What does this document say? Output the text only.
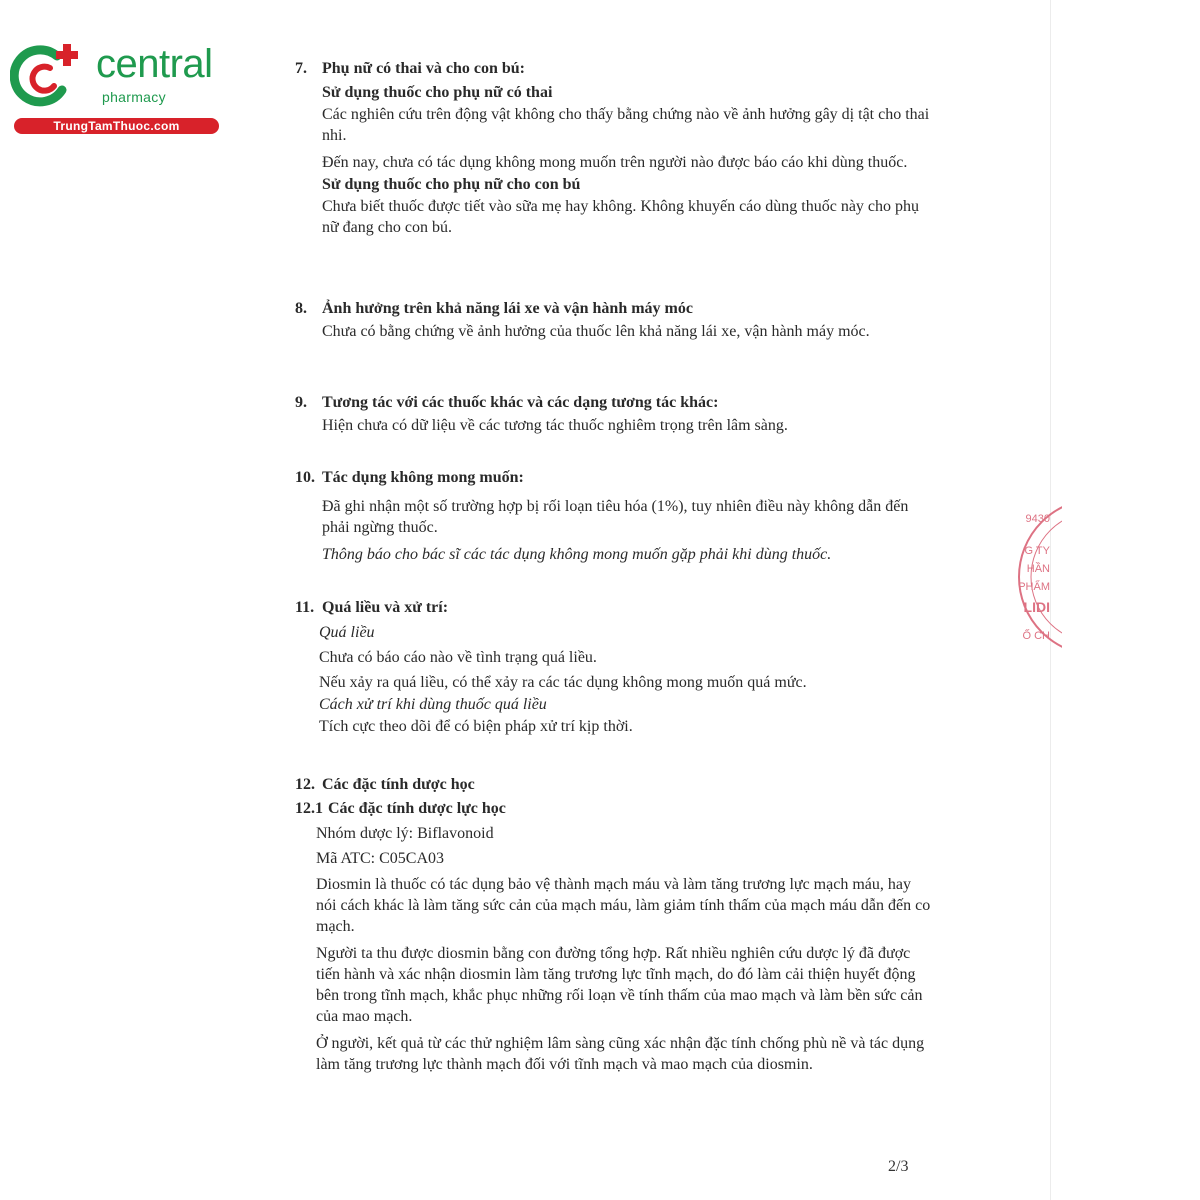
central
pharmacy
TrungTamThuoc.com
7. Phụ nữ có thai và cho con bú:
Sử dụng thuốc cho phụ nữ có thai
Các nghiên cứu trên động vật không cho thấy bằng chứng nào về ảnh hưởng gây dị tật cho thai nhi.
Đến nay, chưa có tác dụng không mong muốn trên người nào được báo cáo khi dùng thuốc.
Sử dụng thuốc cho phụ nữ cho con bú
Chưa biết thuốc được tiết vào sữa mẹ hay không. Không khuyến cáo dùng thuốc này cho phụ nữ đang cho con bú.
8. Ảnh hưởng trên khả năng lái xe và vận hành máy móc
Chưa có bằng chứng về ảnh hưởng của thuốc lên khả năng lái xe, vận hành máy móc.
9. Tương tác với các thuốc khác và các dạng tương tác khác:
Hiện chưa có dữ liệu về các tương tác thuốc nghiêm trọng trên lâm sàng.
10. Tác dụng không mong muốn:
Đã ghi nhận một số trường hợp bị rối loạn tiêu hóa (1%), tuy nhiên điều này không dẫn đến phải ngừng thuốc.
Thông báo cho bác sĩ các tác dụng không mong muốn gặp phải khi dùng thuốc.
11. Quá liều và xử trí:
Quá liều
Chưa có báo cáo nào về tình trạng quá liều.
Nếu xảy ra quá liều, có thể xảy ra các tác dụng không mong muốn quá mức.
Cách xử trí khi dùng thuốc quá liều
Tích cực theo dõi để có biện pháp xử trí kịp thời.
12. Các đặc tính dược học
12.1 Các đặc tính dược lực học
Nhóm dược lý: Biflavonoid
Mã ATC: C05CA03
Diosmin là thuốc có tác dụng bảo vệ thành mạch máu và làm tăng trương lực mạch máu, hay nói cách khác là làm tăng sức cản của mạch máu, làm giảm tính thấm của mạch máu dẫn đến co mạch.
Người ta thu được diosmin bằng con đường tổng hợp. Rất nhiều nghiên cứu dược lý đã được tiến hành và xác nhận diosmin làm tăng trương lực tĩnh mạch, do đó làm cải thiện huyết động bên trong tĩnh mạch, khắc phục những rối loạn về tính thấm của mao mạch và làm bền sức cản của mao mạch.
Ở người, kết quả từ các thử nghiệm lâm sàng cũng xác nhận đặc tính chống phù nề và tác dụng làm tăng trương lực thành mạch đối với tĩnh mạch và mao mạch của diosmin.
9430
G TY
HẦN
PHẨM
LIDI
Ố CH
2/3
